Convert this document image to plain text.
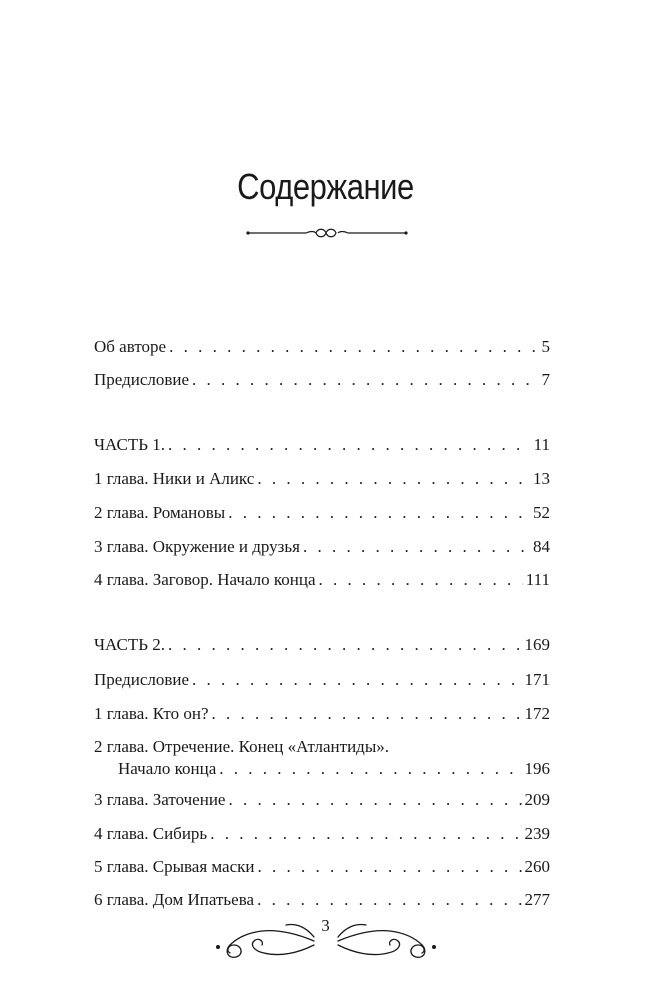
Содержание
Об авторе . . .	5
Предисловие . . .	7
ЧАСТЬ 1. . . .	11
1 глава. Ники и Аликс . . .	13
2 глава. Романовы . . .	52
3 глава. Окружение и друзья . . .	84
4 глава. Заговор. Начало конца . . .	111
ЧАСТЬ 2. . . .	169
Предисловие . . .	171
1 глава. Кто он? . . .	172
2 глава. Отречение. Конец «Атлантиды».
Начало конца . . .	196
3 глава. Заточение . . .	209
4 глава. Сибирь . . .	239
5 глава. Срывая маски . . .	260
6 глава. Дом Ипатьева . . .	277
3
